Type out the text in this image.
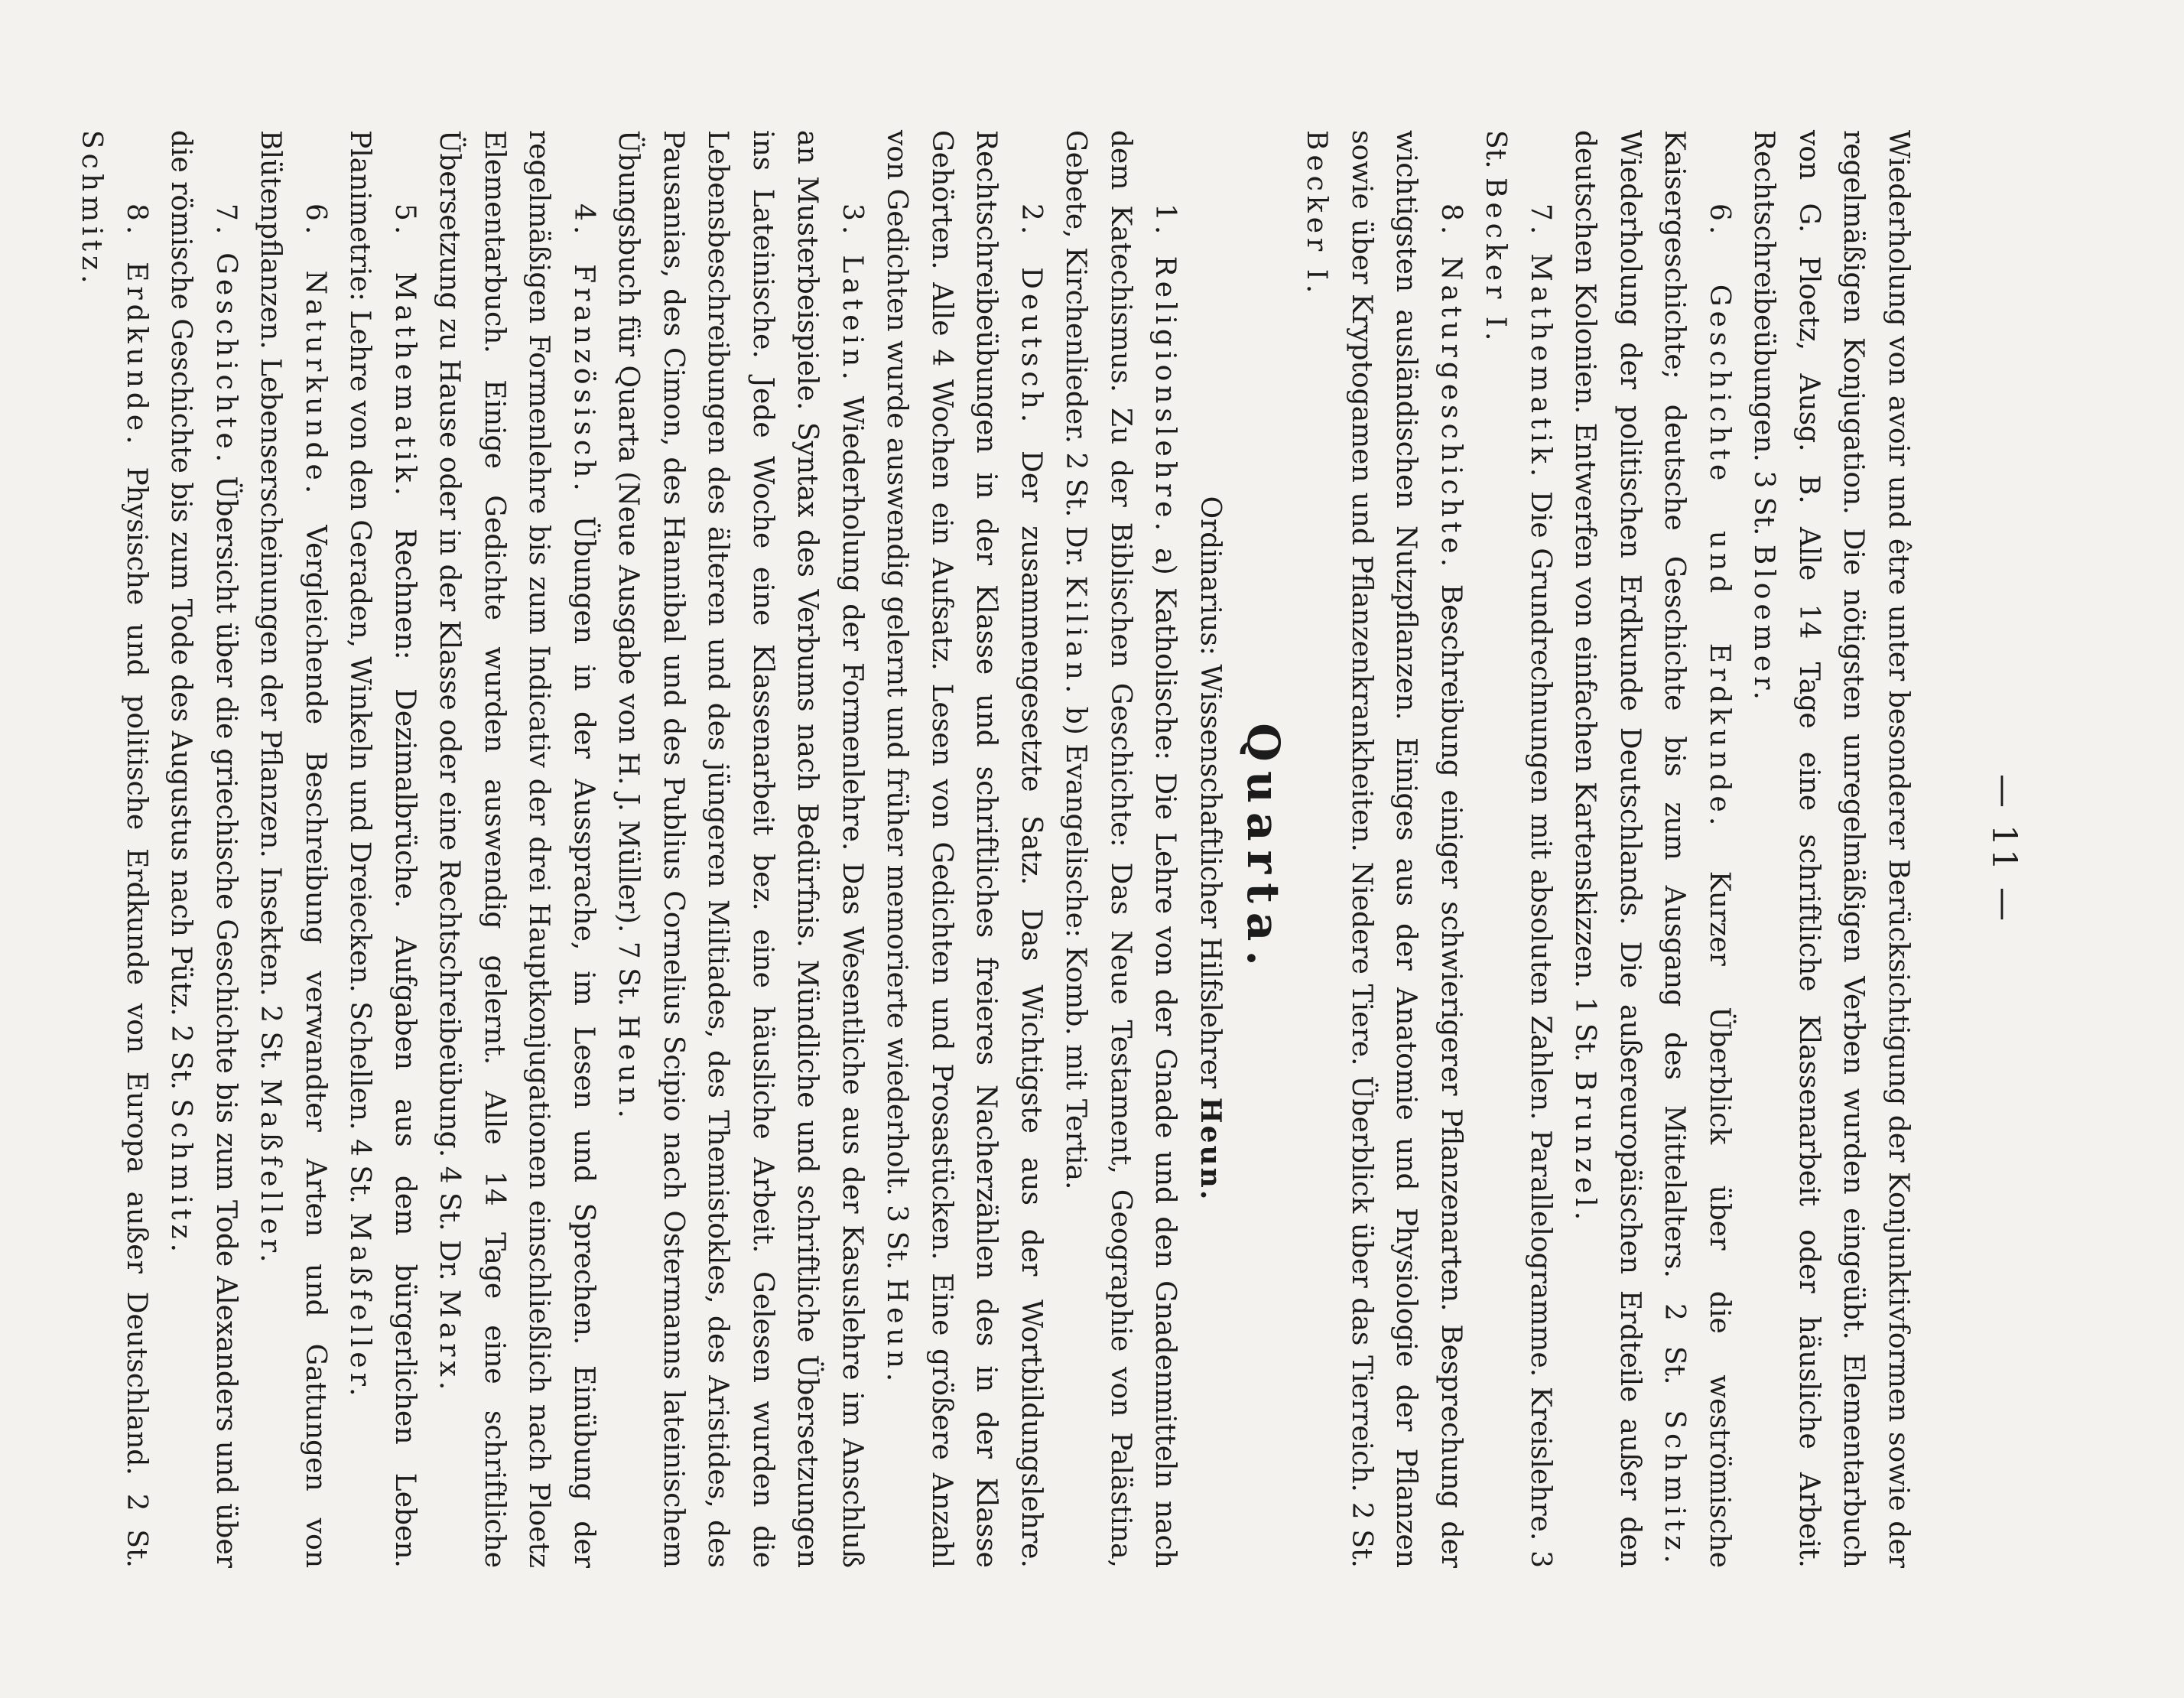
— 11 —

Wiederholung von avoir und être unter besonderer Berücksichtigung der Konjunktivformen sowie der regelmäßigen Konjugation. Die nötigsten unregelmäßigen Verben wurden eingeübt. Elementarbuch von G. Ploetz, Ausg. B. Alle 14 Tage eine schriftliche Klassenarbeit oder häusliche Arbeit. Rechtschreibeübungen. 3 St. Bloemer.

6. Geschichte und Erdkunde. Kurzer Überblick über die weströmische Kaisergeschichte; deutsche Geschichte bis zum Ausgang des Mittelalters. 2 St. Schmitz. Wiederholung der politischen Erdkunde Deutschlands. Die außereuropäischen Erdteile außer den deutschen Kolonien. Entwerfen von einfachen Kartenskizzen. 1 St. Brunzel.

7. Mathematik. Die Grundrechnungen mit absoluten Zahlen. Parallelogramme. Kreislehre. 3 St. Becker I.

8. Naturgeschichte. Beschreibung einiger schwierigerer Pflanzenarten. Besprechung der wichtigsten ausländischen Nutzpflanzen. Einiges aus der Anatomie und Physiologie der Pflanzen sowie über Kryptogamen und Pflanzenkrankheiten. Niedere Tiere. Überblick über das Tierreich. 2 St. Becker I.

Quarta.

Ordinarius: Wissenschaftlicher Hilfslehrer Heun.

1. Religionslehre. a) Katholische: Die Lehre von der Gnade und den Gnadenmitteln nach dem Katechismus. Zu der Biblischen Geschichte: Das Neue Testament, Geographie von Palästina, Gebete, Kirchenlieder. 2 St. Dr. Kilian. b) Evangelische: Komb. mit Tertia.

2. Deutsch. Der zusammengesetzte Satz. Das Wichtigste aus der Wortbildungslehre. Rechtschreibeübungen in der Klasse und schriftliches freieres Nacherzählen des in der Klasse Gehörten. Alle 4 Wochen ein Aufsatz. Lesen von Gedichten und Prosastücken. Eine größere Anzahl von Gedichten wurde auswendig gelernt und früher memorierte wiederholt. 3 St. Heun.

3. Latein. Wiederholung der Formenlehre. Das Wesentliche aus der Kasuslehre im Anschluß an Musterbeispiele. Syntax des Verbums nach Bedürfnis. Mündliche und schriftliche Übersetzungen ins Lateinische. Jede Woche eine Klassenarbeit bez. eine häusliche Arbeit. Gelesen wurden die Lebensbeschreibungen des älteren und des jüngeren Miltiades, des Themistokles, des Aristides, des Pausanias, des Cimon, des Hannibal und des Publius Cornelius Scipio nach Ostermanns lateinischem Übungsbuch für Quarta (Neue Ausgabe von H. J. Müller). 7 St. Heun.

4. Französisch. Übungen in der Aussprache, im Lesen und Sprechen. Einübung der regelmäßigen Formenlehre bis zum Indicativ der drei Hauptkonjugationen einschließlich nach Ploetz Elementarbuch. Einige Gedichte wurden auswendig gelernt. Alle 14 Tage eine schriftliche Übersetzung zu Hause oder in der Klasse oder eine Rechtschreibeübung. 4 St. Dr. Marx.

5. Mathematik. Rechnen: Dezimalbrüche. Aufgaben aus dem bürgerlichen Leben. Planimetrie: Lehre von den Geraden, Winkeln und Dreiecken. Schellen. 4 St. Maßfeller.

6. Naturkunde. Vergleichende Beschreibung verwandter Arten und Gattungen von Blütenpflanzen. Lebenserscheinungen der Pflanzen. Insekten. 2 St. Maßfeller.

7. Geschichte. Übersicht über die griechische Geschichte bis zum Tode Alexanders und über die römische Geschichte bis zum Tode des Augustus nach Pütz. 2 St. Schmitz.

8. Erdkunde. Physische und politische Erdkunde von Europa außer Deutschland. 2 St. Schmitz.
